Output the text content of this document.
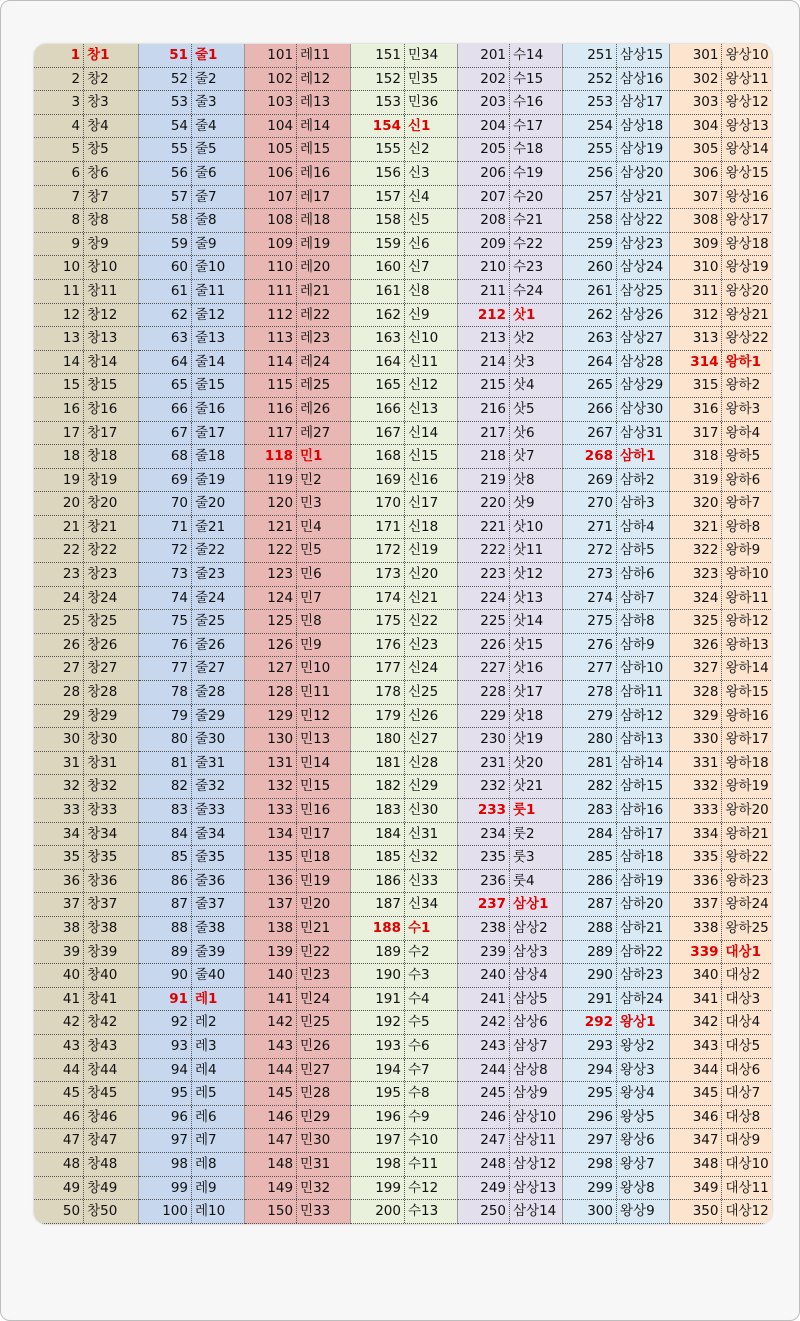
1 창1
2 창2
3 창3
4 창4
5 창5
6 창6
7 창7
8 창8
9 창9
10 창10
11 창11
12 창12
13 창13
14 창14
15 창15
16 창16
17 창17
18 창18
19 창19
20 창20
21 창21
22 창22
23 창23
24 창24
25 창25
26 창26
27 창27
28 창28
29 창29
30 창30
31 창31
32 창32
33 창33
34 창34
35 창35
36 창36
37 창37
38 창38
39 창39
40 창40
41 창41
42 창42
43 창43
44 창44
45 창45
46 창46
47 창47
48 창48
49 창49
50 창50
51 줄1
52 줄2
53 줄3
54 줄4
55 줄5
56 줄6
57 줄7
58 줄8
59 줄9
60 줄10
61 줄11
62 줄12
63 줄13
64 줄14
65 줄15
66 줄16
67 줄17
68 줄18
69 줄19
70 줄20
71 줄21
72 줄22
73 줄23
74 줄24
75 줄25
76 줄26
77 줄27
78 줄28
79 줄29
80 줄30
81 줄31
82 줄32
83 줄33
84 줄34
85 줄35
86 줄36
87 줄37
88 줄38
89 줄39
90 줄40
91 레1
92 레2
93 레3
94 레4
95 레5
96 레6
97 레7
98 레8
99 레9
100 레10
101 레11
102 레12
103 레13
104 레14
105 레15
106 레16
107 레17
108 레18
109 레19
110 레20
111 레21
112 레22
113 레23
114 레24
115 레25
116 레26
117 레27
118 민1
119 민2
120 민3
121 민4
122 민5
123 민6
124 민7
125 민8
126 민9
127 민10
128 민11
129 민12
130 민13
131 민14
132 민15
133 민16
134 민17
135 민18
136 민19
137 민20
138 민21
139 민22
140 민23
141 민24
142 민25
143 민26
144 민27
145 민28
146 민29
147 민30
148 민31
149 민32
150 민33
151 민34
152 민35
153 민36
154 신1
155 신2
156 신3
157 신4
158 신5
159 신6
160 신7
161 신8
162 신9
163 신10
164 신11
165 신12
166 신13
167 신14
168 신15
169 신16
170 신17
171 신18
172 신19
173 신20
174 신21
175 신22
176 신23
177 신24
178 신25
179 신26
180 신27
181 신28
182 신29
183 신30
184 신31
185 신32
186 신33
187 신34
188 수1
189 수2
190 수3
191 수4
192 수5
193 수6
194 수7
195 수8
196 수9
197 수10
198 수11
199 수12
200 수13
201 수14
202 수15
203 수16
204 수17
205 수18
206 수19
207 수20
208 수21
209 수22
210 수23
211 수24
212 삿1
213 삿2
214 삿3
215 삿4
216 삿5
217 삿6
218 삿7
219 삿8
220 삿9
221 삿10
222 삿11
223 삿12
224 삿13
225 삿14
226 삿15
227 삿16
228 삿17
229 삿18
230 삿19
231 삿20
232 삿21
233 룻1
234 룻2
235 룻3
236 룻4
237 삼상1
238 삼상2
239 삼상3
240 삼상4
241 삼상5
242 삼상6
243 삼상7
244 삼상8
245 삼상9
246 삼상10
247 삼상11
248 삼상12
249 삼상13
250 삼상14
251 삼상15
252 삼상16
253 삼상17
254 삼상18
255 삼상19
256 삼상20
257 삼상21
258 삼상22
259 삼상23
260 삼상24
261 삼상25
262 삼상26
263 삼상27
264 삼상28
265 삼상29
266 삼상30
267 삼상31
268 삼하1
269 삼하2
270 삼하3
271 삼하4
272 삼하5
273 삼하6
274 삼하7
275 삼하8
276 삼하9
277 삼하10
278 삼하11
279 삼하12
280 삼하13
281 삼하14
282 삼하15
283 삼하16
284 삼하17
285 삼하18
286 삼하19
287 삼하20
288 삼하21
289 삼하22
290 삼하23
291 삼하24
292 왕상1
293 왕상2
294 왕상3
295 왕상4
296 왕상5
297 왕상6
298 왕상7
299 왕상8
300 왕상9
301 왕상10
302 왕상11
303 왕상12
304 왕상13
305 왕상14
306 왕상15
307 왕상16
308 왕상17
309 왕상18
310 왕상19
311 왕상20
312 왕상21
313 왕상22
314 왕하1
315 왕하2
316 왕하3
317 왕하4
318 왕하5
319 왕하6
320 왕하7
321 왕하8
322 왕하9
323 왕하10
324 왕하11
325 왕하12
326 왕하13
327 왕하14
328 왕하15
329 왕하16
330 왕하17
331 왕하18
332 왕하19
333 왕하20
334 왕하21
335 왕하22
336 왕하23
337 왕하24
338 왕하25
339 대상1
340 대상2
341 대상3
342 대상4
343 대상5
344 대상6
345 대상7
346 대상8
347 대상9
348 대상10
349 대상11
350 대상12
